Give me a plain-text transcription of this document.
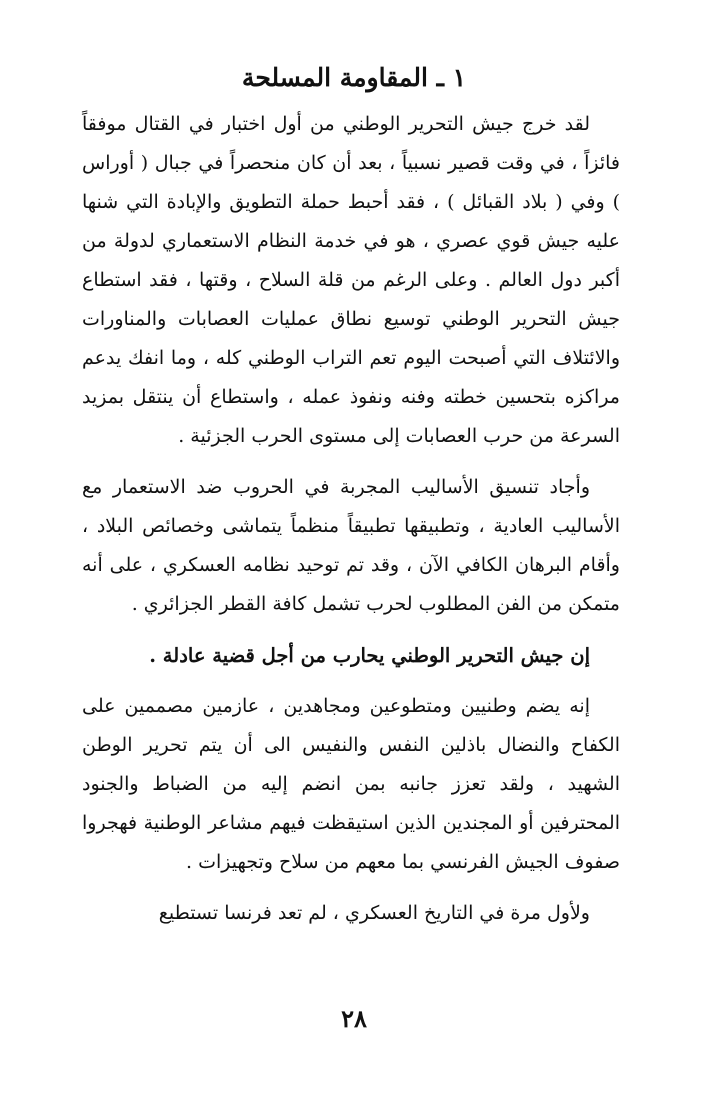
١ ـ المقاومة المسلحة

لقد خرج جيش التحرير الوطني من أول اختبار في القتال موفقاً فائزاً ، في وقت قصير نسبياً ، بعد أن كان منحصراً في جبال ( أوراس ) وفي ( بلاد القبائل ) ، فقد أحبط حملة التطويق والإبادة التي شنها عليه جيش قوي عصري ، هو في خدمة النظام الاستعماري لدولة من أكبر دول العالم . وعلى الرغم من قلة السلاح ، وقتها ، فقد استطاع جيش التحرير الوطني توسيع نطاق عمليات العصابات والمناورات والائتلاف التي أصبحت اليوم تعم التراب الوطني كله ، وما انفك يدعم مراكزه بتحسين خطته وفنه ونفوذ عمله ، واستطاع أن ينتقل بمزيد السرعة من حرب العصابات إلى مستوى الحرب الجزئية .

وأجاد تنسيق الأساليب المجربة في الحروب ضد الاستعمار مع الأساليب العادية ، وتطبيقها تطبيقاً منظماً يتماشى وخصائص البلاد ، وأقام البرهان الكافي الآن ، وقد تم توحيد نظامه العسكري ، على أنه متمكن من الفن المطلوب لحرب تشمل كافة القطر الجزائري .

إن جيش التحرير الوطني يحارب من أجل قضية عادلة .

إنه يضم وطنيين ومتطوعين ومجاهدين ، عازمين مصممين على الكفاح والنضال باذلين النفس والنفيس الى أن يتم تحرير الوطن الشهيد ، ولقد تعزز جانبه بمن انضم إليه من الضباط والجنود المحترفين أو المجندين الذين استيقظت فيهم مشاعر الوطنية فهجروا صفوف الجيش الفرنسي بما معهم من سلاح وتجهيزات .

ولأول مرة في التاريخ العسكري ، لم تعد فرنسا تستطيع

٢٨
